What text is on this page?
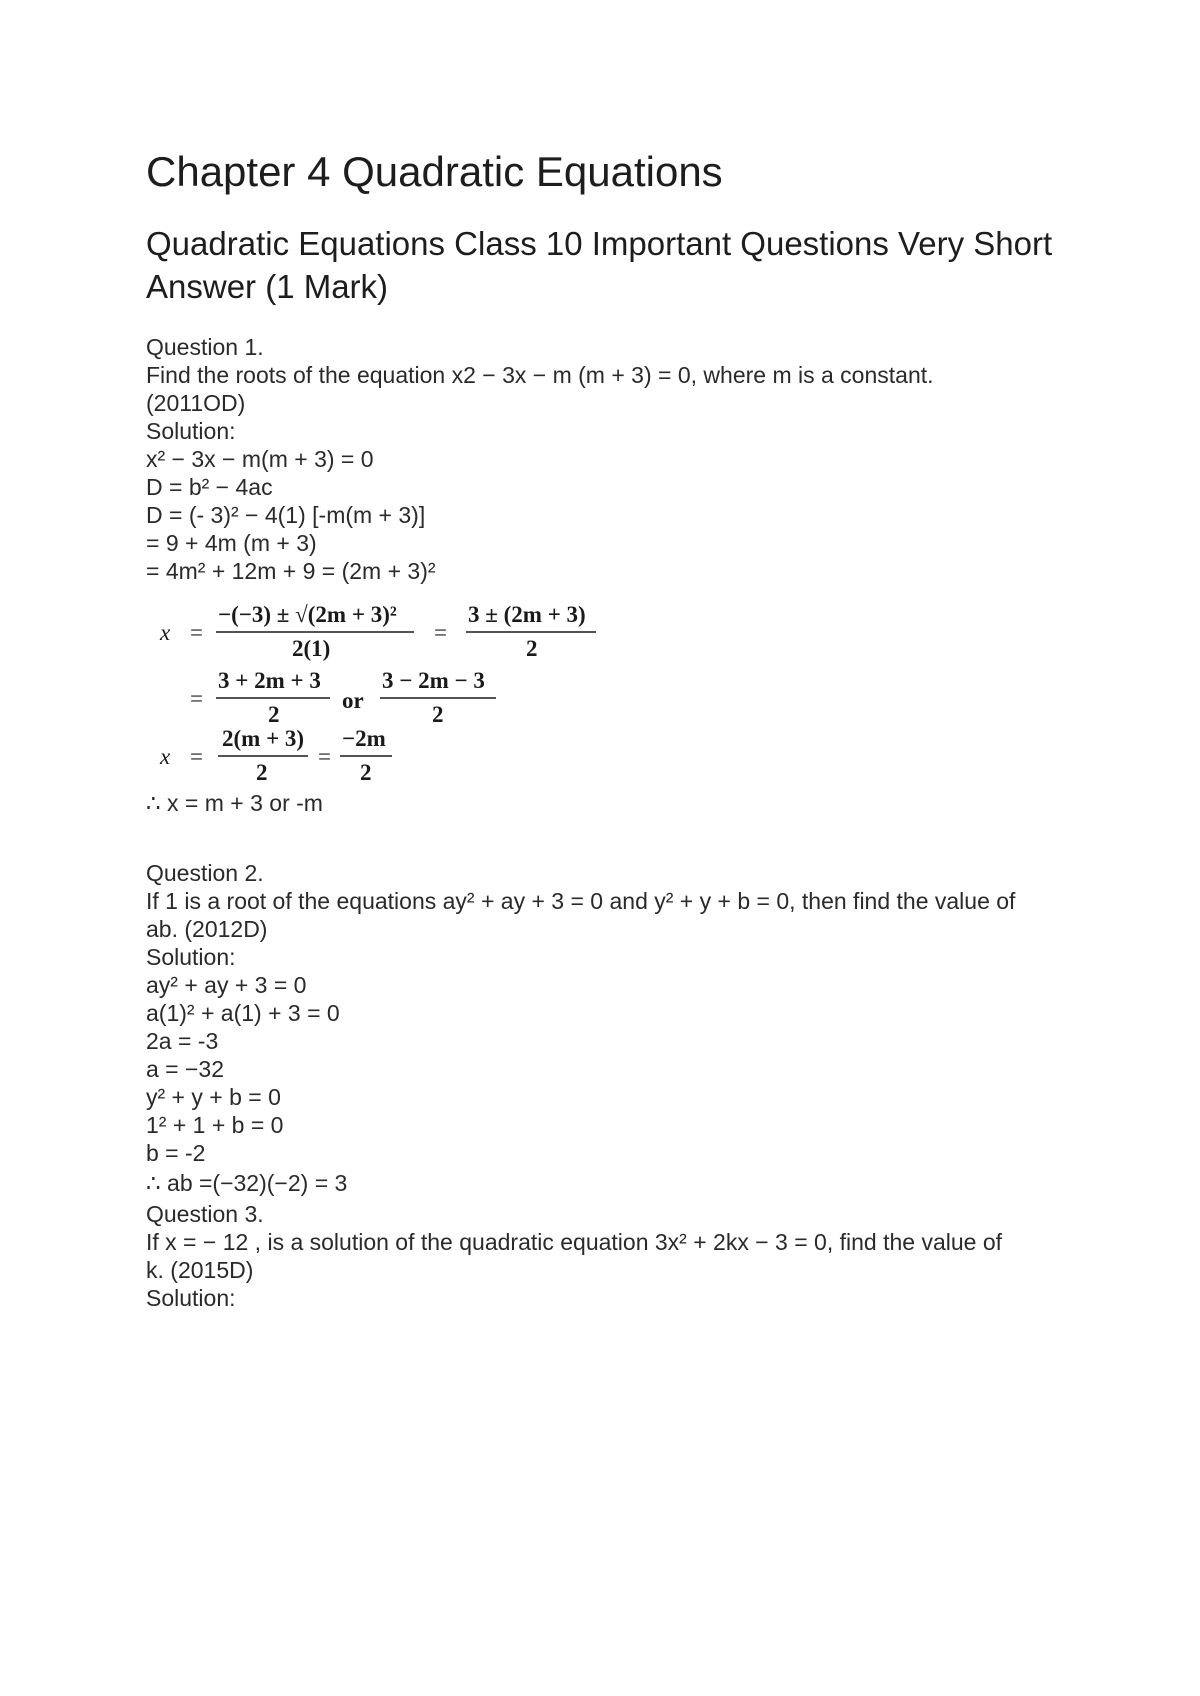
Chapter 4 Quadratic Equations
Quadratic Equations Class 10 Important Questions Very Short Answer (1 Mark)
Question 1.
Find the roots of the equation x2 − 3x − m (m + 3) = 0, where m is a constant.
(2011OD)
Solution:
x² − 3x − m(m + 3) = 0
D = b² − 4ac
D = (- 3)² − 4(1) [-m(m + 3)]
= 9 + 4m (m + 3)
= 4m² + 12m + 9 = (2m + 3)²
x =
−(−3) ± √(2m + 3)²
2(1)
=
3 ± (2m + 3)
2
=
3 + 2m + 3
2
or
3 − 2m − 3
2
x =
2(m + 3)
2
=
−2m
2
∴ x = m + 3 or -m
Question 2.
If 1 is a root of the equations ay² + ay + 3 = 0 and y² + y + b = 0, then find the value of
ab. (2012D)
Solution:
ay² + ay + 3 = 0
a(1)² + a(1) + 3 = 0
2a = -3
a = −32
y² + y + b = 0
1² + 1 + b = 0
b = -2
∴ ab =(−32)(−2) = 3
Question 3.
If x = − 12 , is a solution of the quadratic equation 3x² + 2kx − 3 = 0, find the value of
k. (2015D)
Solution:
